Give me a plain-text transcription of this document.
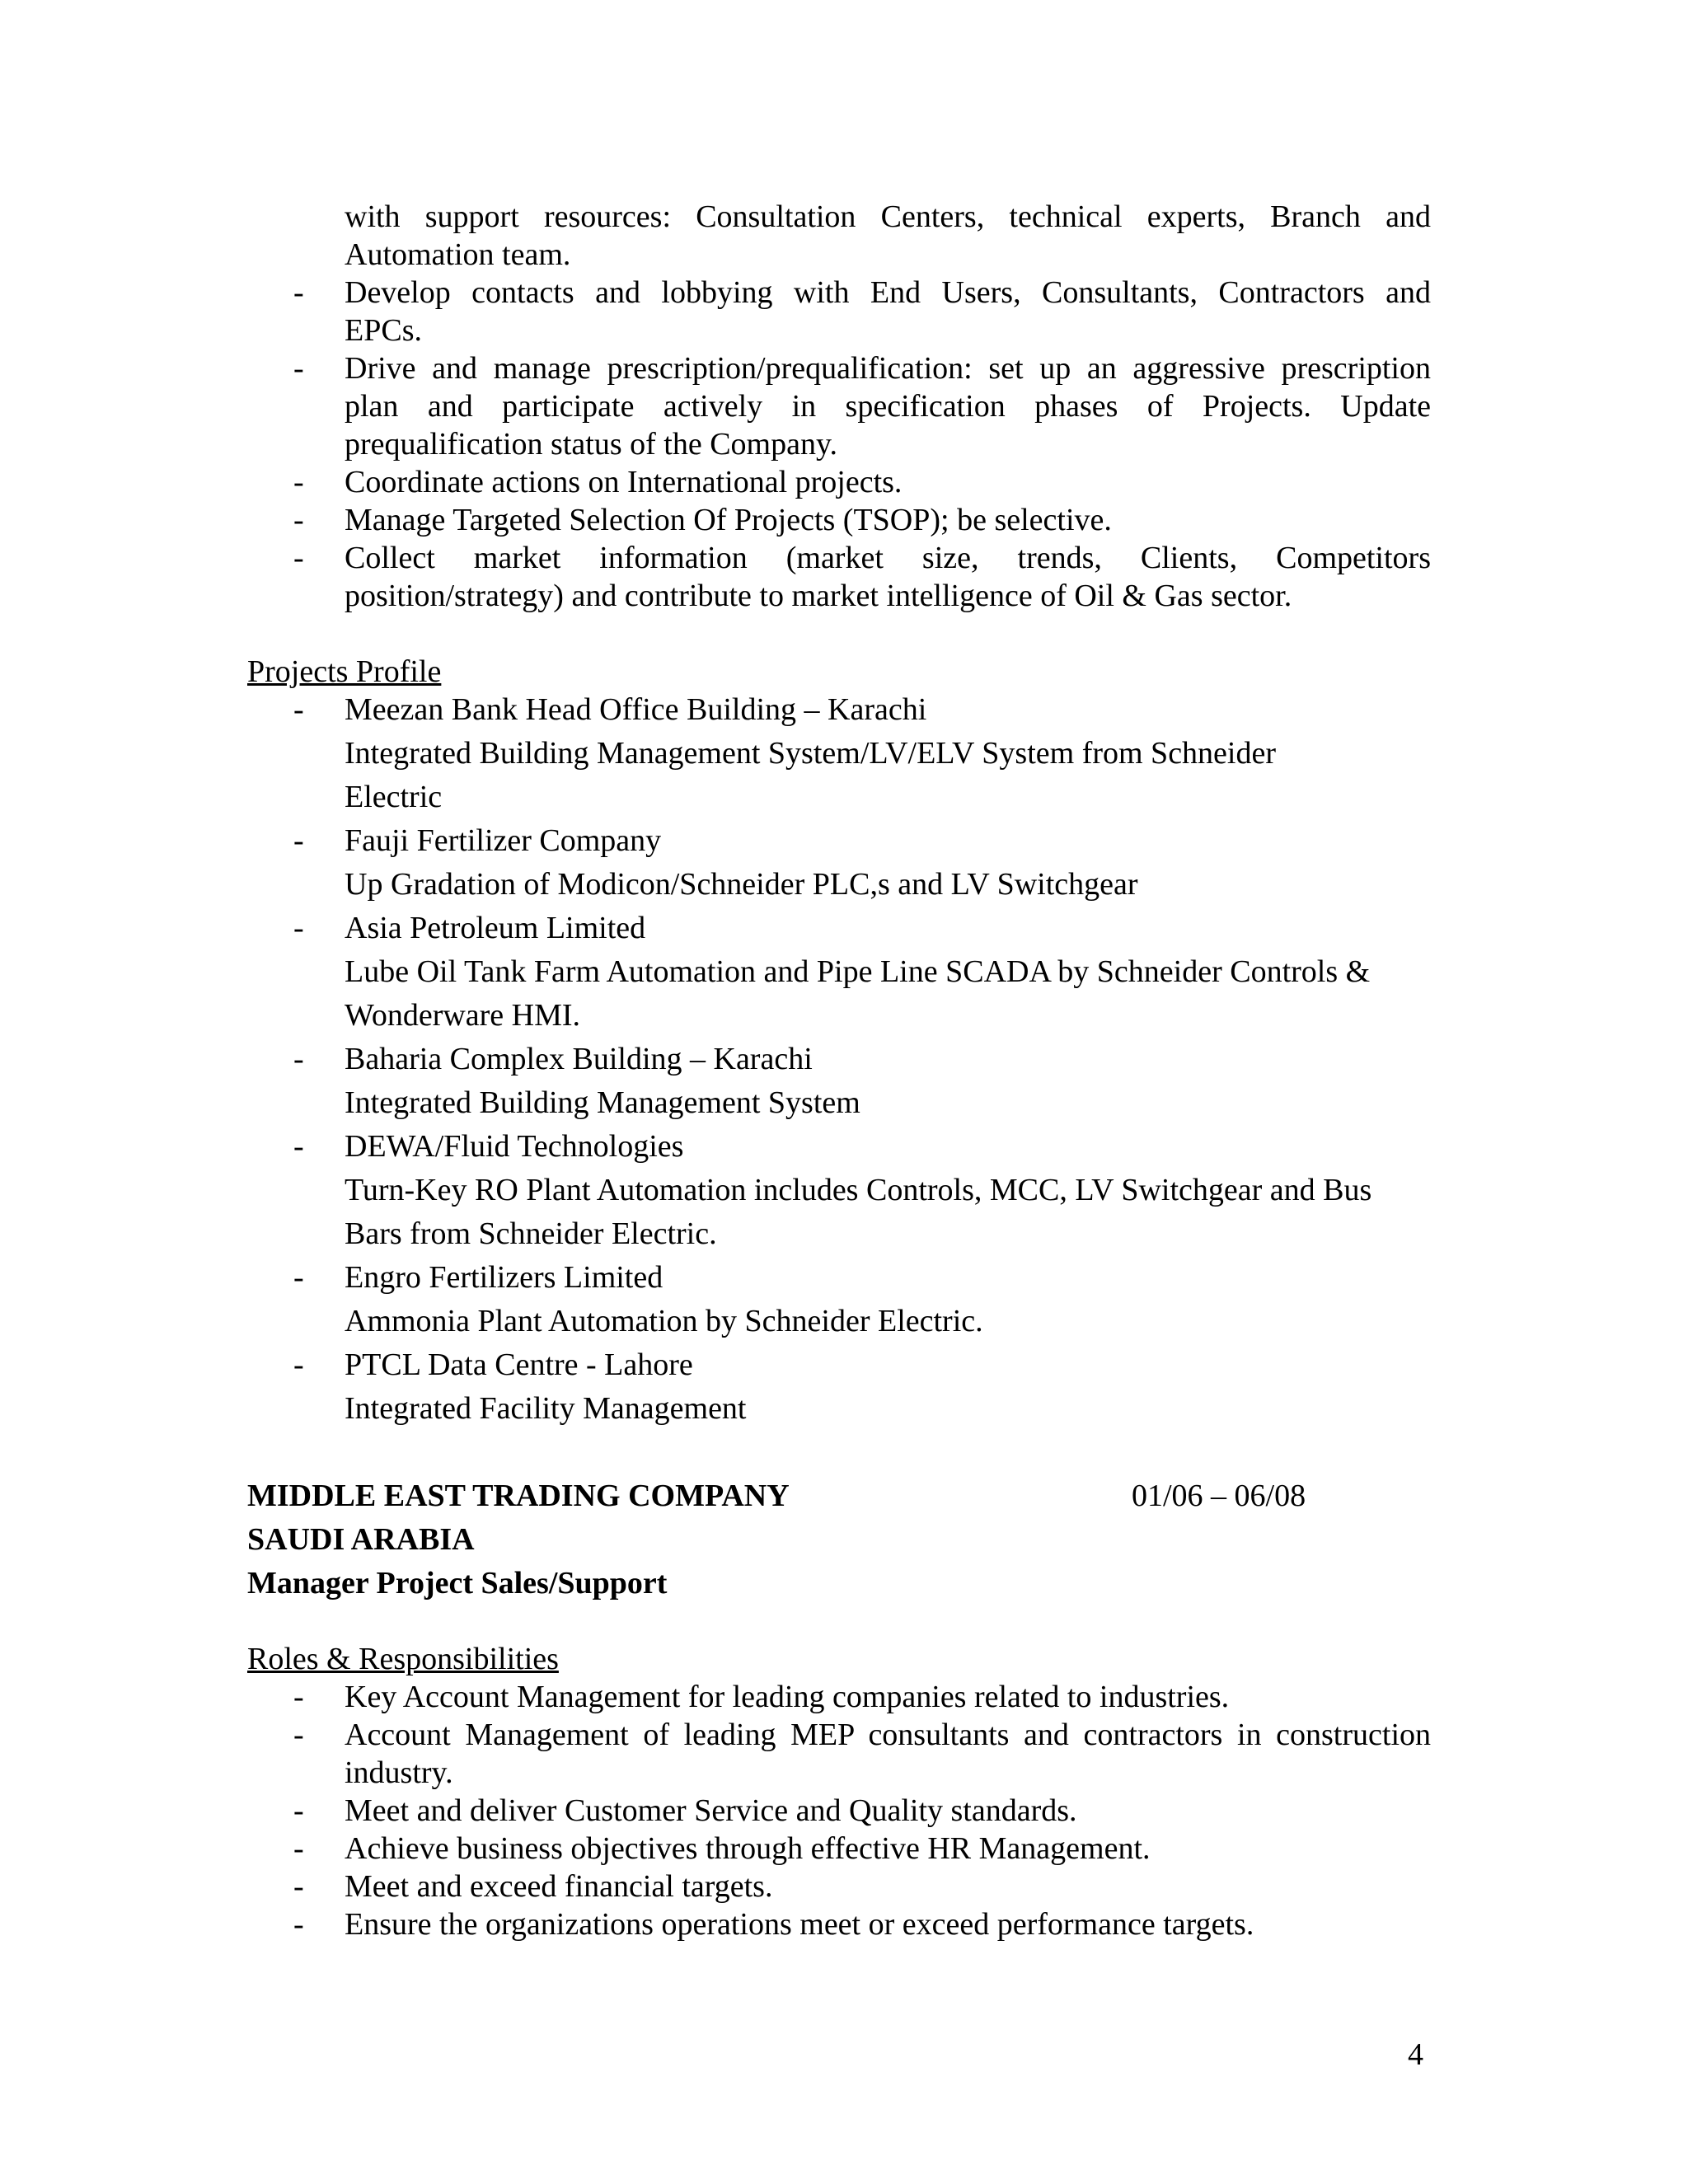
with support resources: Consultation Centers, technical experts, Branch and
Automation team.
- Develop contacts and lobbying with End Users, Consultants, Contractors and
EPCs.
- Drive and manage prescription/prequalification: set up an aggressive prescription
plan and participate actively in specification phases of Projects. Update
prequalification status of the Company.
- Coordinate actions on International projects.
- Manage Targeted Selection Of Projects (TSOP); be selective.
- Collect market information (market size, trends, Clients, Competitors
position/strategy) and contribute to market intelligence of Oil & Gas sector.
Projects Profile
- Meezan Bank Head Office Building – Karachi
Integrated Building Management System/LV/ELV System from Schneider
Electric
- Fauji Fertilizer Company
Up Gradation of Modicon/Schneider PLC,s and LV Switchgear
- Asia Petroleum Limited
Lube Oil Tank Farm Automation and Pipe Line SCADA by Schneider Controls &
Wonderware HMI.
- Baharia Complex Building – Karachi
Integrated Building Management System
- DEWA/Fluid Technologies
Turn-Key RO Plant Automation includes Controls, MCC, LV Switchgear and Bus
Bars from Schneider Electric.
- Engro Fertilizers Limited
Ammonia Plant Automation by Schneider Electric.
- PTCL Data Centre - Lahore
Integrated Facility Management
MIDDLE EAST TRADING COMPANY	01/06 – 06/08
SAUDI ARABIA
Manager Project Sales/Support
Roles & Responsibilities
- Key Account Management for leading companies related to industries.
- Account Management of leading MEP consultants and contractors in construction
industry.
- Meet and deliver Customer Service and Quality standards.
- Achieve business objectives through effective HR Management.
- Meet and exceed financial targets.
- Ensure the organizations operations meet or exceed performance targets.
4
